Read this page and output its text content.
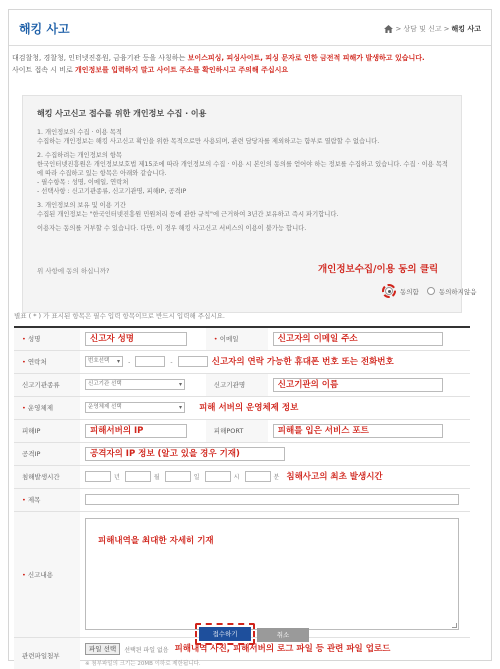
해킹 사고	> 상담 및 신고 > 해킹 사고
대검찰청, 경찰청, 인터넷진흥원, 금융기관 등을 사칭하는 보이스피싱, 피싱사이트, 피싱 문자로 인한 금전적 피해가 발생하고 있습니다.
사이트 접속 시 비로 개인정보를 입력하지 말고 사이트 주소를 확인하시고 주의해 주십시요
해킹 사고신고 접수를 위한 개인정보 수집 · 이용

1. 개인정보의 수집 · 이용 목적
수집하는 개인정보는 해킹 사고신고 확인을 위한 목적으로만 사용되며, 관련 담당자를 제외하고는 함부로 열람할 수 없습니다.

2. 수집하려는 개인정보의 항목
한국인터넷진흥원은 개인정보보호법 제15조에 따라 개인정보의 수집 · 이용 시 본인의 동의를 얻어야 하는 정보를 수집하고 있습니다. 수집 · 이용 목적에 따라 수집하고 있는 항목은 아래와 같습니다.
- 필수항목 : 성명, 이메일, 연락처
- 선택사항 : 신고기관종류, 신고기관명, 피해IP, 공격IP

3. 개인정보의 보유 및 이용 기간
수집된 개인정보는 "한국인터넷진흥원 민원처리 등에 관한 규칙"에 근거하여 3년간 보유하고 즉시 파기합니다.

이용자는 동의를 거부할 수 있습니다. 다만, 이 경우 해킹 사고신고 서비스의 이용이 불가능 합니다.

위 사항에 동의 하십니까?	개인정보수집/이용 동의 클릭
동의함	동의하지않음
별표 ( * ) 가 표시된 항목은 필수 입력 항목이므로 반드시 입력해 주십시요.
• 성명	신고자 성명	• 이메일	신고자의 이메일 주소
• 연락처	번호선택 ▾ - - 신고자의 연락 가능한 휴대폰 번호 또는 전화번호
신고기관종류	신고기관 선택 ▾	신고기관명	신고기관의 이름
• 운영체제	운영체제 선택 ▾ 피해 서버의 운영체제 정보
피해IP	피해서버의 IP	피해PORT	피해를 입은 서비스 포트
공격IP	공격자의 IP 정보 (알고 있을 경우 기재)		
침해발생시간	년 월 일 시 분 침해사고의 최초 발생시간		
• 제목	
• 신고내용	피해내역을 최대한 자세히 기재		

관련파일첨부	파일 선택 선택된 파일 없음 피해내역 사진, 피해서버의 로그 파일 등 관련 파일 업로드
※ 첨부파일의 크기는 20MB 이하로 제한됩니다.		
접수하기	취소
